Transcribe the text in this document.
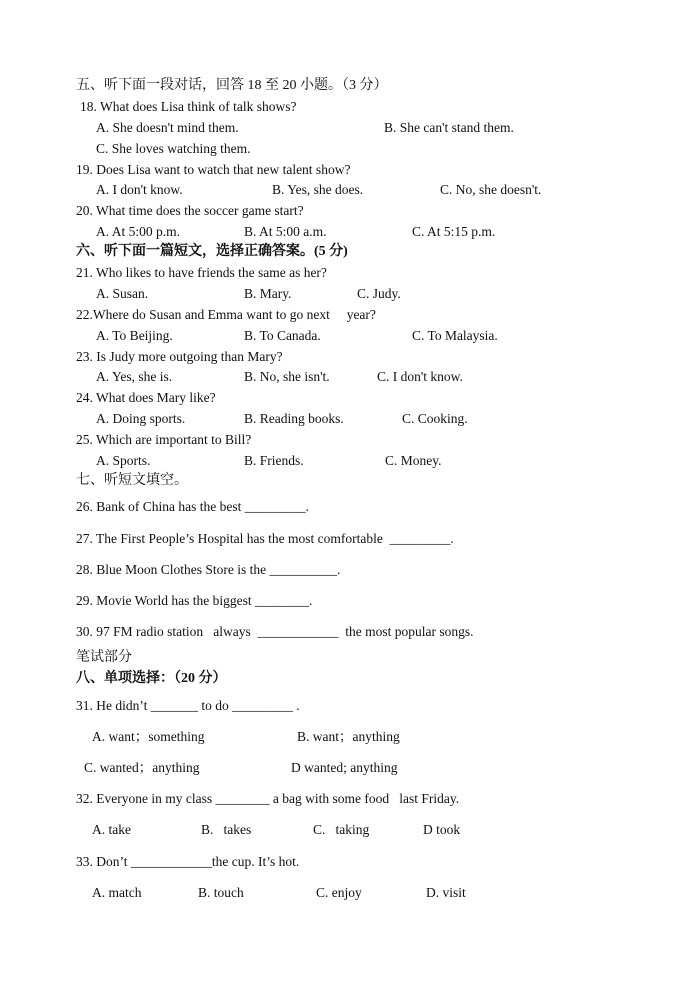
五、听下面一段对话，回答 18 至 20 小题。（3 分）
18. What does Lisa think of talk shows?
A. She doesn't mind them.	B. She can't stand them.
C. She loves watching them.
19. Does Lisa want to watch that new talent show?
A. I don't know.	B. Yes, she does.	C. No, she doesn't.
20. What time does the soccer game start?
A. At 5:00 p.m.	B. At 5:00 a.m.	C. At 5:15 p.m.
六、听下面一篇短文，选择正确答案。(5 分)
21. Who likes to have friends the same as her?
A. Susan.	B. Mary.	C. Judy.
22.Where do Susan and Emma want to go next     year?
A. To Beijing.	B. To Canada.	C. To Malaysia.
23. Is Judy more outgoing than Mary?
A. Yes, she is.	B. No, she isn't.	C. I don't know.
24. What does Mary like?
A. Doing sports.	B. Reading books.	C. Cooking.
25. Which are important to Bill?
A. Sports.	B. Friends.	C. Money.
七、听短文填空。
26. Bank of China has the best _________.
27. The First People’s Hospital has the most comfortable  _________.
28. Blue Moon Clothes Store is the __________.
29. Movie World has the biggest ________.
30. 97 FM radio station   always  ____________  the most popular songs.
笔试部分
八、单项选择：（20 分）
31. He didn’t _______ to do _________ .
A. want；something	B. want；anything
C. wanted；anything	D wanted; anything
32. Everyone in my class ________ a bag with some food   last Friday.
A. take	B.   takes	C.   taking	D took
33. Don’t ____________the cup. It’s hot.
A. match	B. touch	C. enjoy	D. visit
